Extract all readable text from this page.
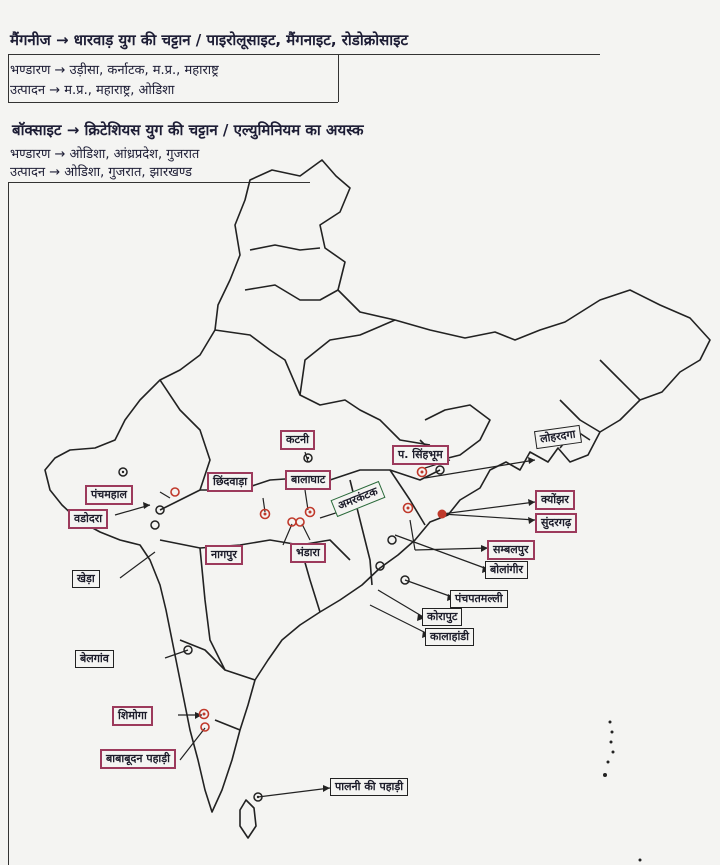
मैंगनीज → धारवाड़ युग की चट्टान / पाइरोलूसाइट, मैंगनाइट, रोडोक्रोसाइट
भण्डारण → उड़ीसा, कर्नाटक, म.प्र., महाराष्ट्र
उत्पादन → म.प्र., महाराष्ट्र, ओडिशा
बॉक्साइट → क्रिटेशियस युग की चट्टान / एल्युमिनियम का अयस्क
भण्डारण → ओडिशा, आंध्रप्रदेश, गुजरात
उत्पादन → ओडिशा, गुजरात, झारखण्ड
कटनी
छिंदवाड़ा	बालाघाट
अमरकंटक
प. सिंहभूम
लोहरदगा
क्योंझर
सुंदरगढ़
सम्बलपुर
बोलांगीर
पंचपतमल्ली
कोरापुट
कालाहांडी
पंचमहाल
वडोदरा
खेड़ा
नागपुर	भंडारा
बेलगांव
शिमोगा
बाबाबूदन पहाड़ी
पालनी की पहाड़ी
